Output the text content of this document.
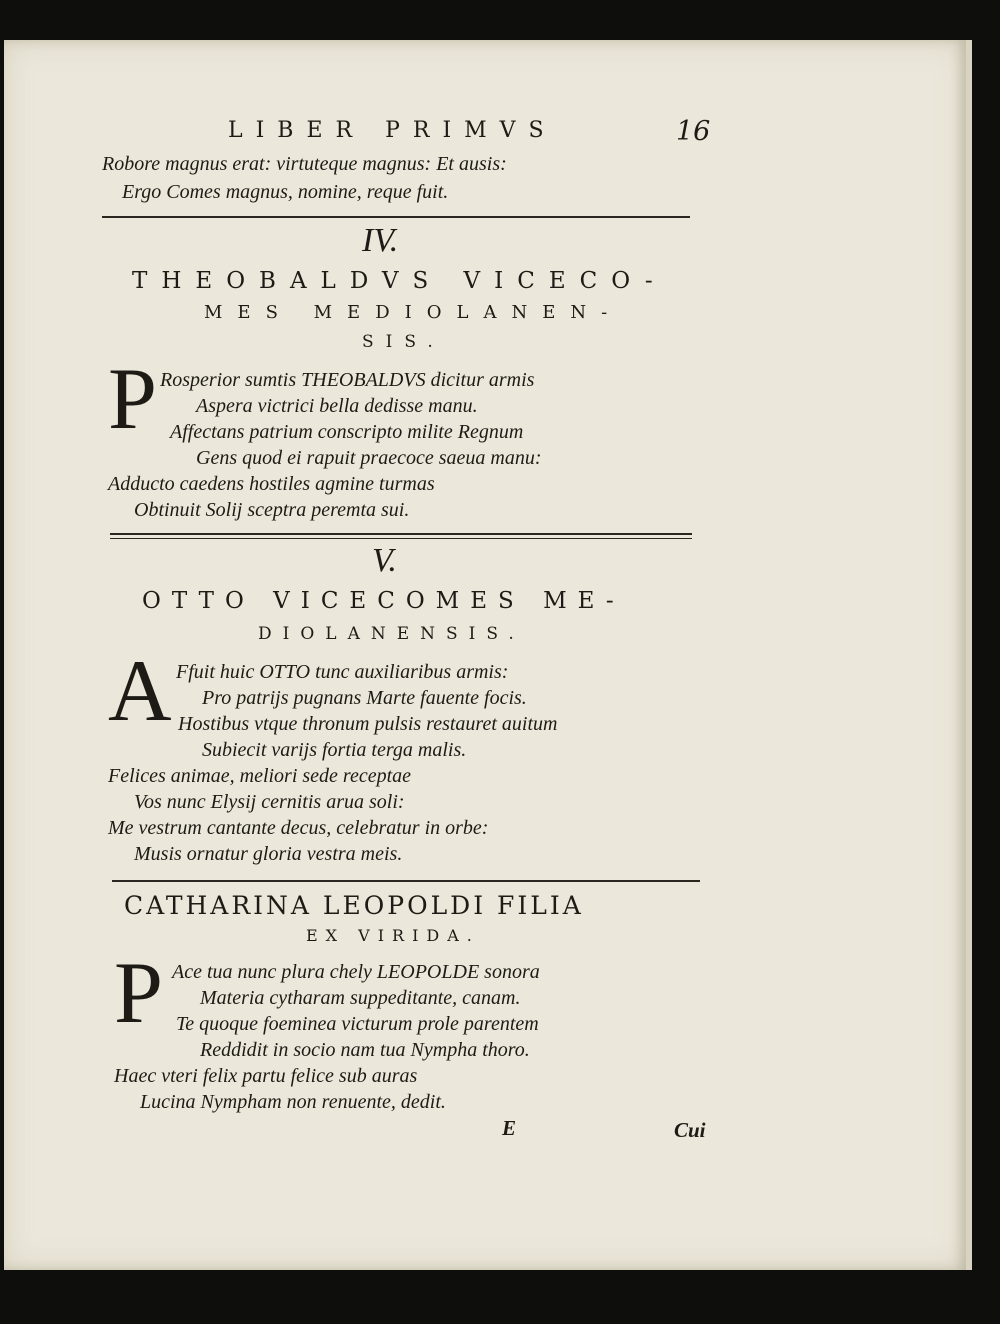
LIBER PRIMVS	16
Robore magnus erat: virtuteque magnus: Et ausis:
Ergo Comes magnus, nomine, reque fuit.
IV.
THEOBALDVS VICECO-
MES MEDIOLANEN-
SIS.
P Rosperior sumtis THEOBALDVS dicitur armis
Aspera victrici bella dedisse manu.
Affectans patrium conscripto milite Regnum
Gens quod ei rapuit praecoce saeua manu:
Adducto caedens hostiles agmine turmas
Obtinuit Solij sceptra peremta sui.
V.
OTTO VICECOMES ME-
DIOLANENSIS.
A Ffuit huic OTTO tunc auxiliaribus armis:
Pro patrijs pugnans Marte fauente focis.
Hostibus vtque thronum pulsis restauret auitum
Subiecit varijs fortia terga malis.
Felices animae, meliori sede receptae
Vos nunc Elysij cernitis arua soli:
Me vestrum cantante decus, celebratur in orbe:
Musis ornatur gloria vestra meis.
CATHARINA LEOPOLDI FILIA
EX VIRIDA.
P Ace tua nunc plura chely LEOPOLDE sonora
Materia cytharam suppeditante, canam.
Te quoque foeminea victurum prole parentem
Reddidit in socio nam tua Nympha thoro.
Haec vteri felix partu felice sub auras
Lucina Nympham non renuente, dedit.
E	Cui
